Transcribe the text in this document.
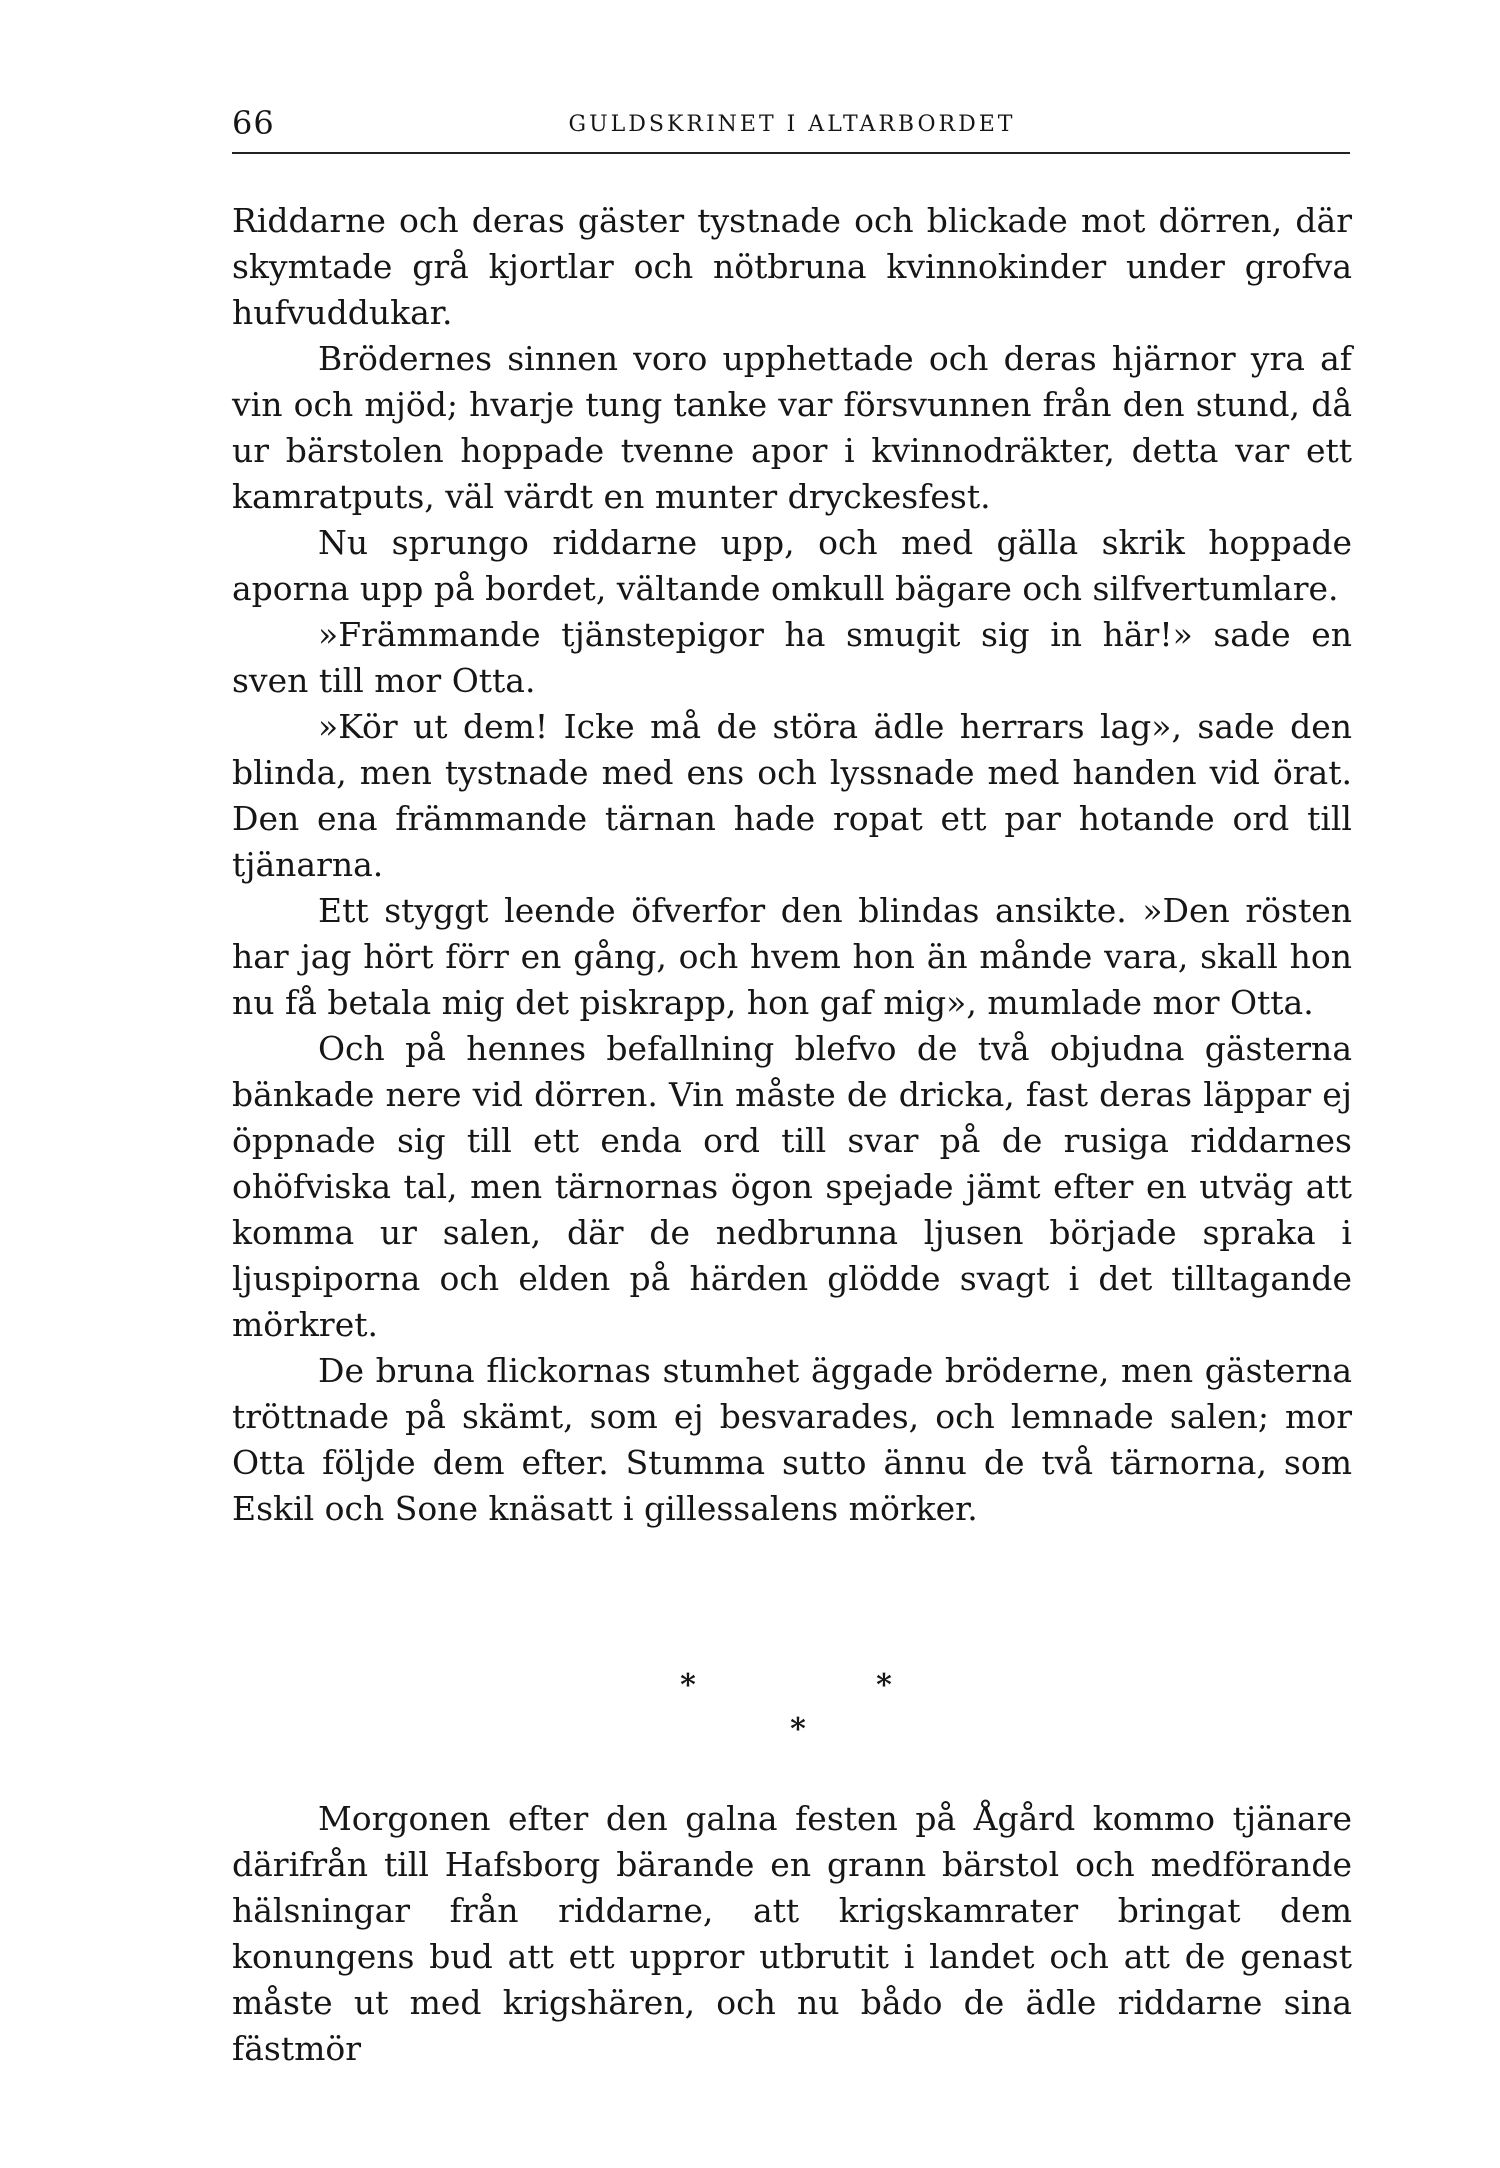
66	GULDSKRINET I ALTARBORDET

Riddarne och deras gäster tystnade och blickade mot dörren, där skymtade grå kjortlar och nötbruna kvinnokinder under grofva hufvuddukar.

Brödernes sinnen voro upphettade och deras hjärnor yra af vin och mjöd; hvarje tung tanke var försvunnen från den stund, då ur bärstolen hoppade tvenne apor i kvinnodräkter, detta var ett kamratputs, väl värdt en munter dryckesfest.

Nu sprungo riddarne upp, och med gälla skrik hoppade aporna upp på bordet, vältande omkull bägare och silfvertumlare.

»Främmande tjänstepigor ha smugit sig in här!» sade en sven till mor Otta.

»Kör ut dem! Icke må de störa ädle herrars lag», sade den blinda, men tystnade med ens och lyssnade med handen vid örat. Den ena främmande tärnan hade ropat ett par hotande ord till tjänarna.

Ett styggt leende öfverfor den blindas ansikte. »Den rösten har jag hört förr en gång, och hvem hon än månde vara, skall hon nu få betala mig det piskrapp, hon gaf mig», mumlade mor Otta.

Och på hennes befallning blefvo de två objudna gästerna bänkade nere vid dörren. Vin måste de dricka, fast deras läppar ej öppnade sig till ett enda ord till svar på de rusiga riddarnes ohöfviska tal, men tärnornas ögon spejade jämt efter en utväg att komma ur salen, där de nedbrunna ljusen började spraka i ljuspiporna och elden på härden glödde svagt i det tilltagande mörkret.

De bruna flickornas stumhet äggade bröderne, men gästerna tröttnade på skämt, som ej besvarades, och lemnade salen; mor Otta följde dem efter. Stumma sutto ännu de två tärnorna, som Eskil och Sone knäsatt i gillessalens mörker.

*	*
*

Morgonen efter den galna festen på Ågård kommo tjänare därifrån till Hafsborg bärande en grann bärstol och medförande hälsningar från riddarne, att krigskamrater bringat dem konungens bud att ett uppror utbrutit i landet och att de genast måste ut med krigshären, och nu bådo de ädle riddarne sina fästmör
